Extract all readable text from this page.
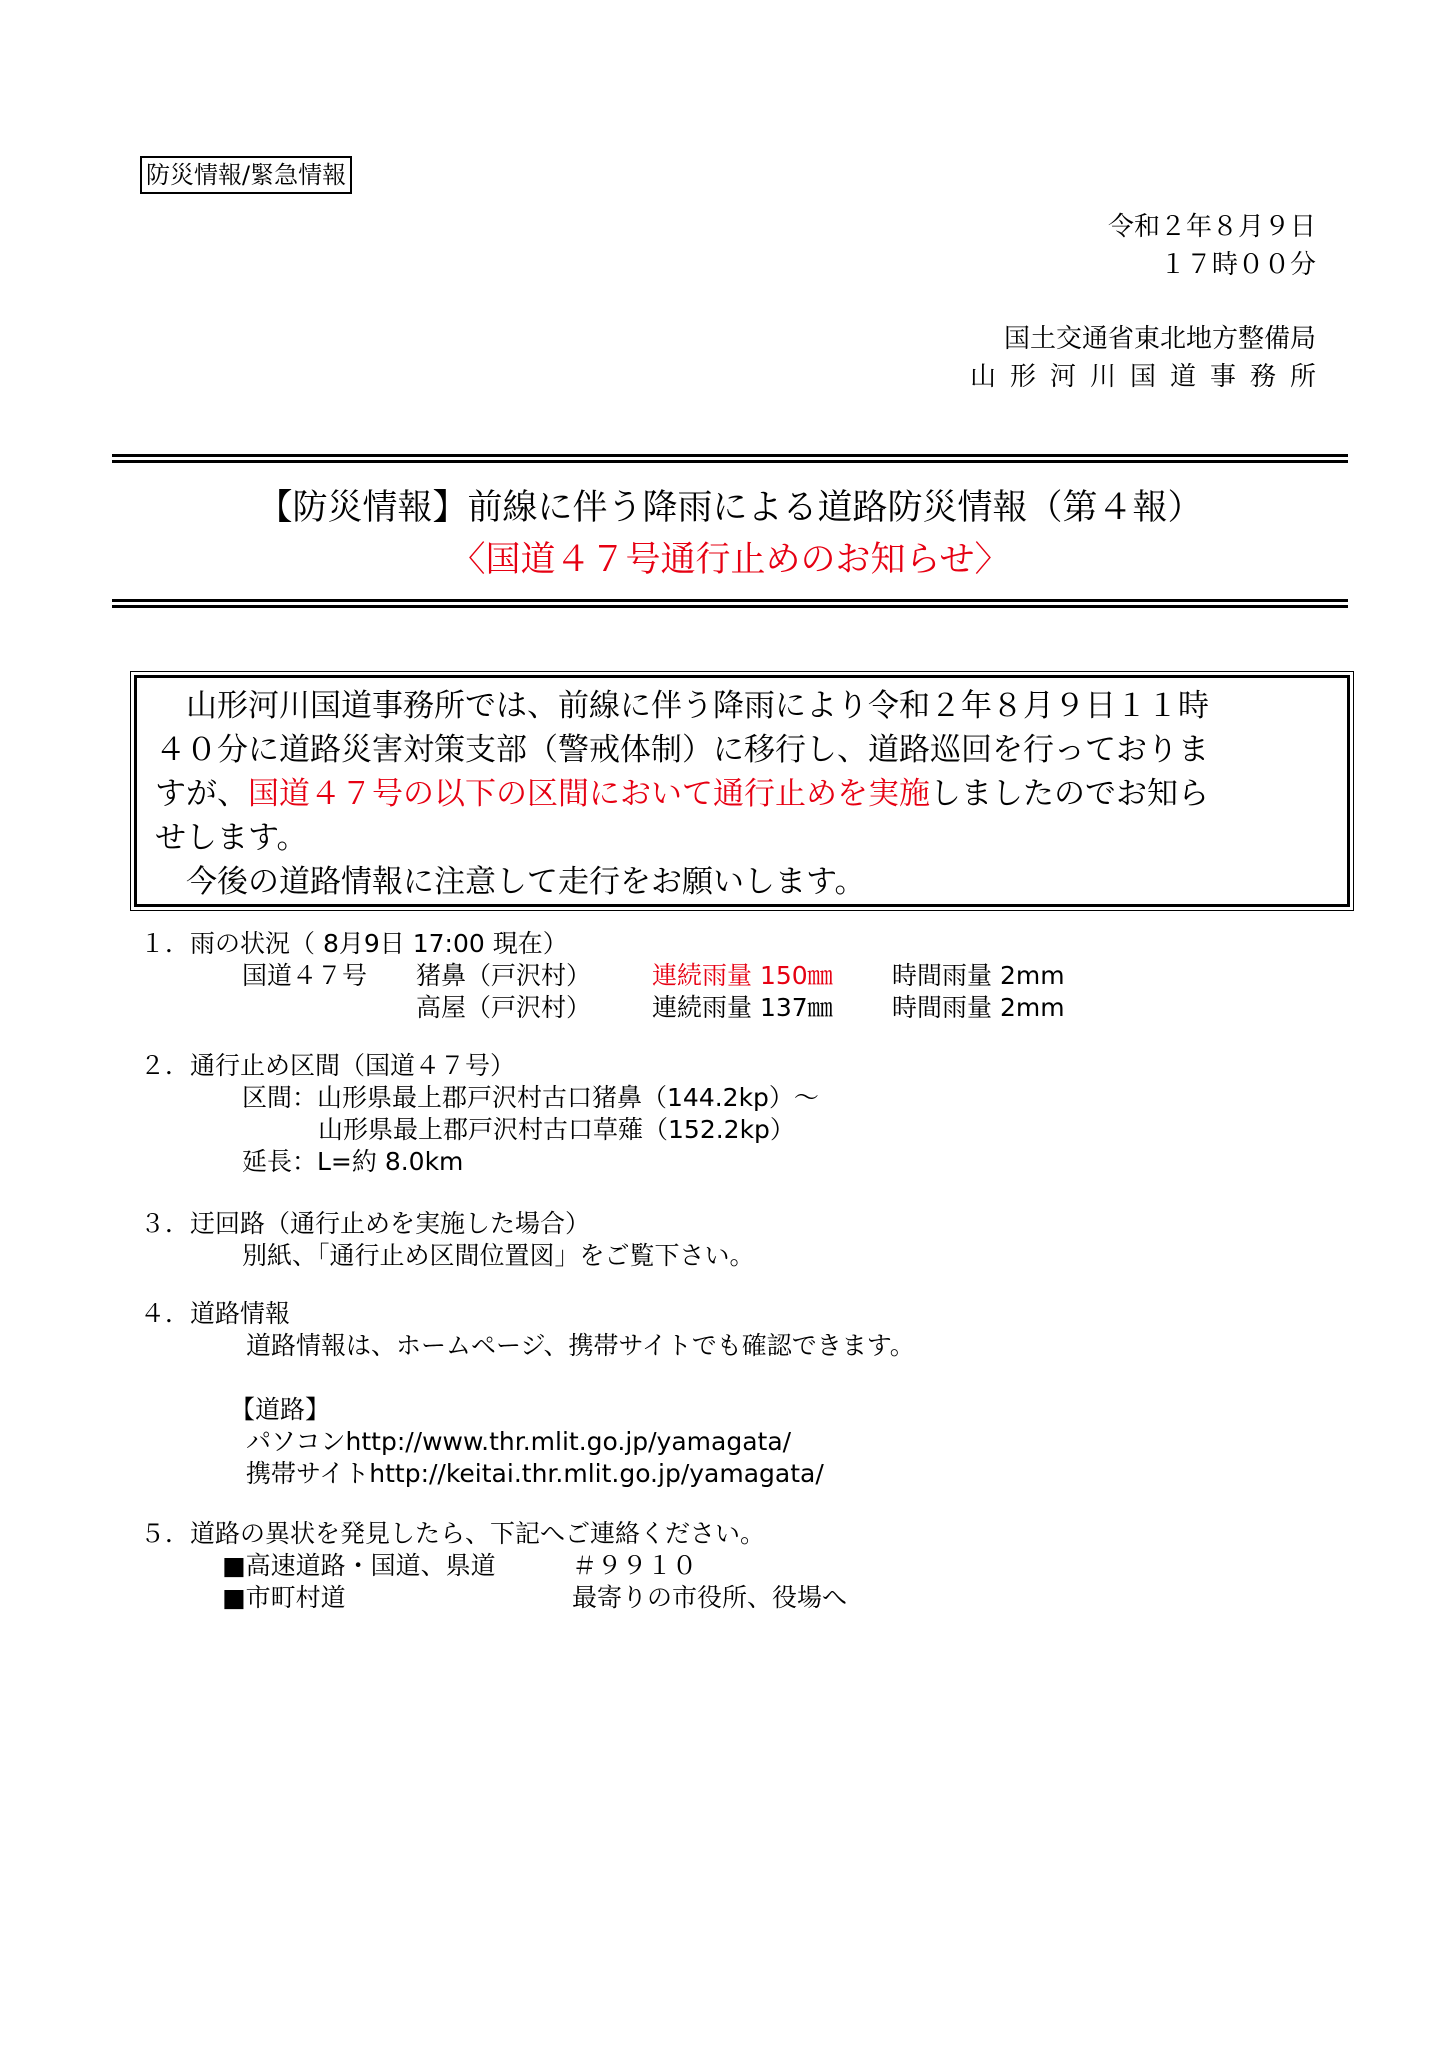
防災情報/緊急情報
令和２年８月９日
１７時００分
国土交通省東北地方整備局
山形河川国道事務所
【防災情報】前線に伴う降雨による道路防災情報（第４報）
〈国道４７号通行止めのお知らせ〉

　山形河川国道事務所では、前線に伴う降雨により令和２年８月９日１１時

４０分に道路災害対策支部（警戒体制）に移行し、道路巡回を行っておりま

すが、国道４７号の以下の区間において通行止めを実施しましたのでお知ら

せします。

　今後の道路情報に注意して走行をお願いします。

１．雨の状況（ 8月9日 17:00 現在）
国道４７号 猪鼻（戸沢村） 連続雨量 150㎜ 時間雨量 2mm
高屋（戸沢村） 連続雨量 137㎜ 時間雨量 2mm
２．通行止め区間（国道４７号）
区間：山形県最上郡戸沢村古口猪鼻（144.2kp）～
山形県最上郡戸沢村古口草薙（152.2kp）
延長：L=約 8.0km
３．迂回路（通行止めを実施した場合）
別紙、「通行止め区間位置図」をご覧下さい。
４．道路情報
道路情報は、ホームページ、携帯サイトでも確認できます。
【道路】
パソコンhttp://www.thr.mlit.go.jp/yamagata/
携帯サイトhttp://keitai.thr.mlit.go.jp/yamagata/
５．道路の異状を発見したら、下記へご連絡ください。
■高速道路・国道、県道	＃９９１０
■市町村道	最寄りの市役所、役場へ
